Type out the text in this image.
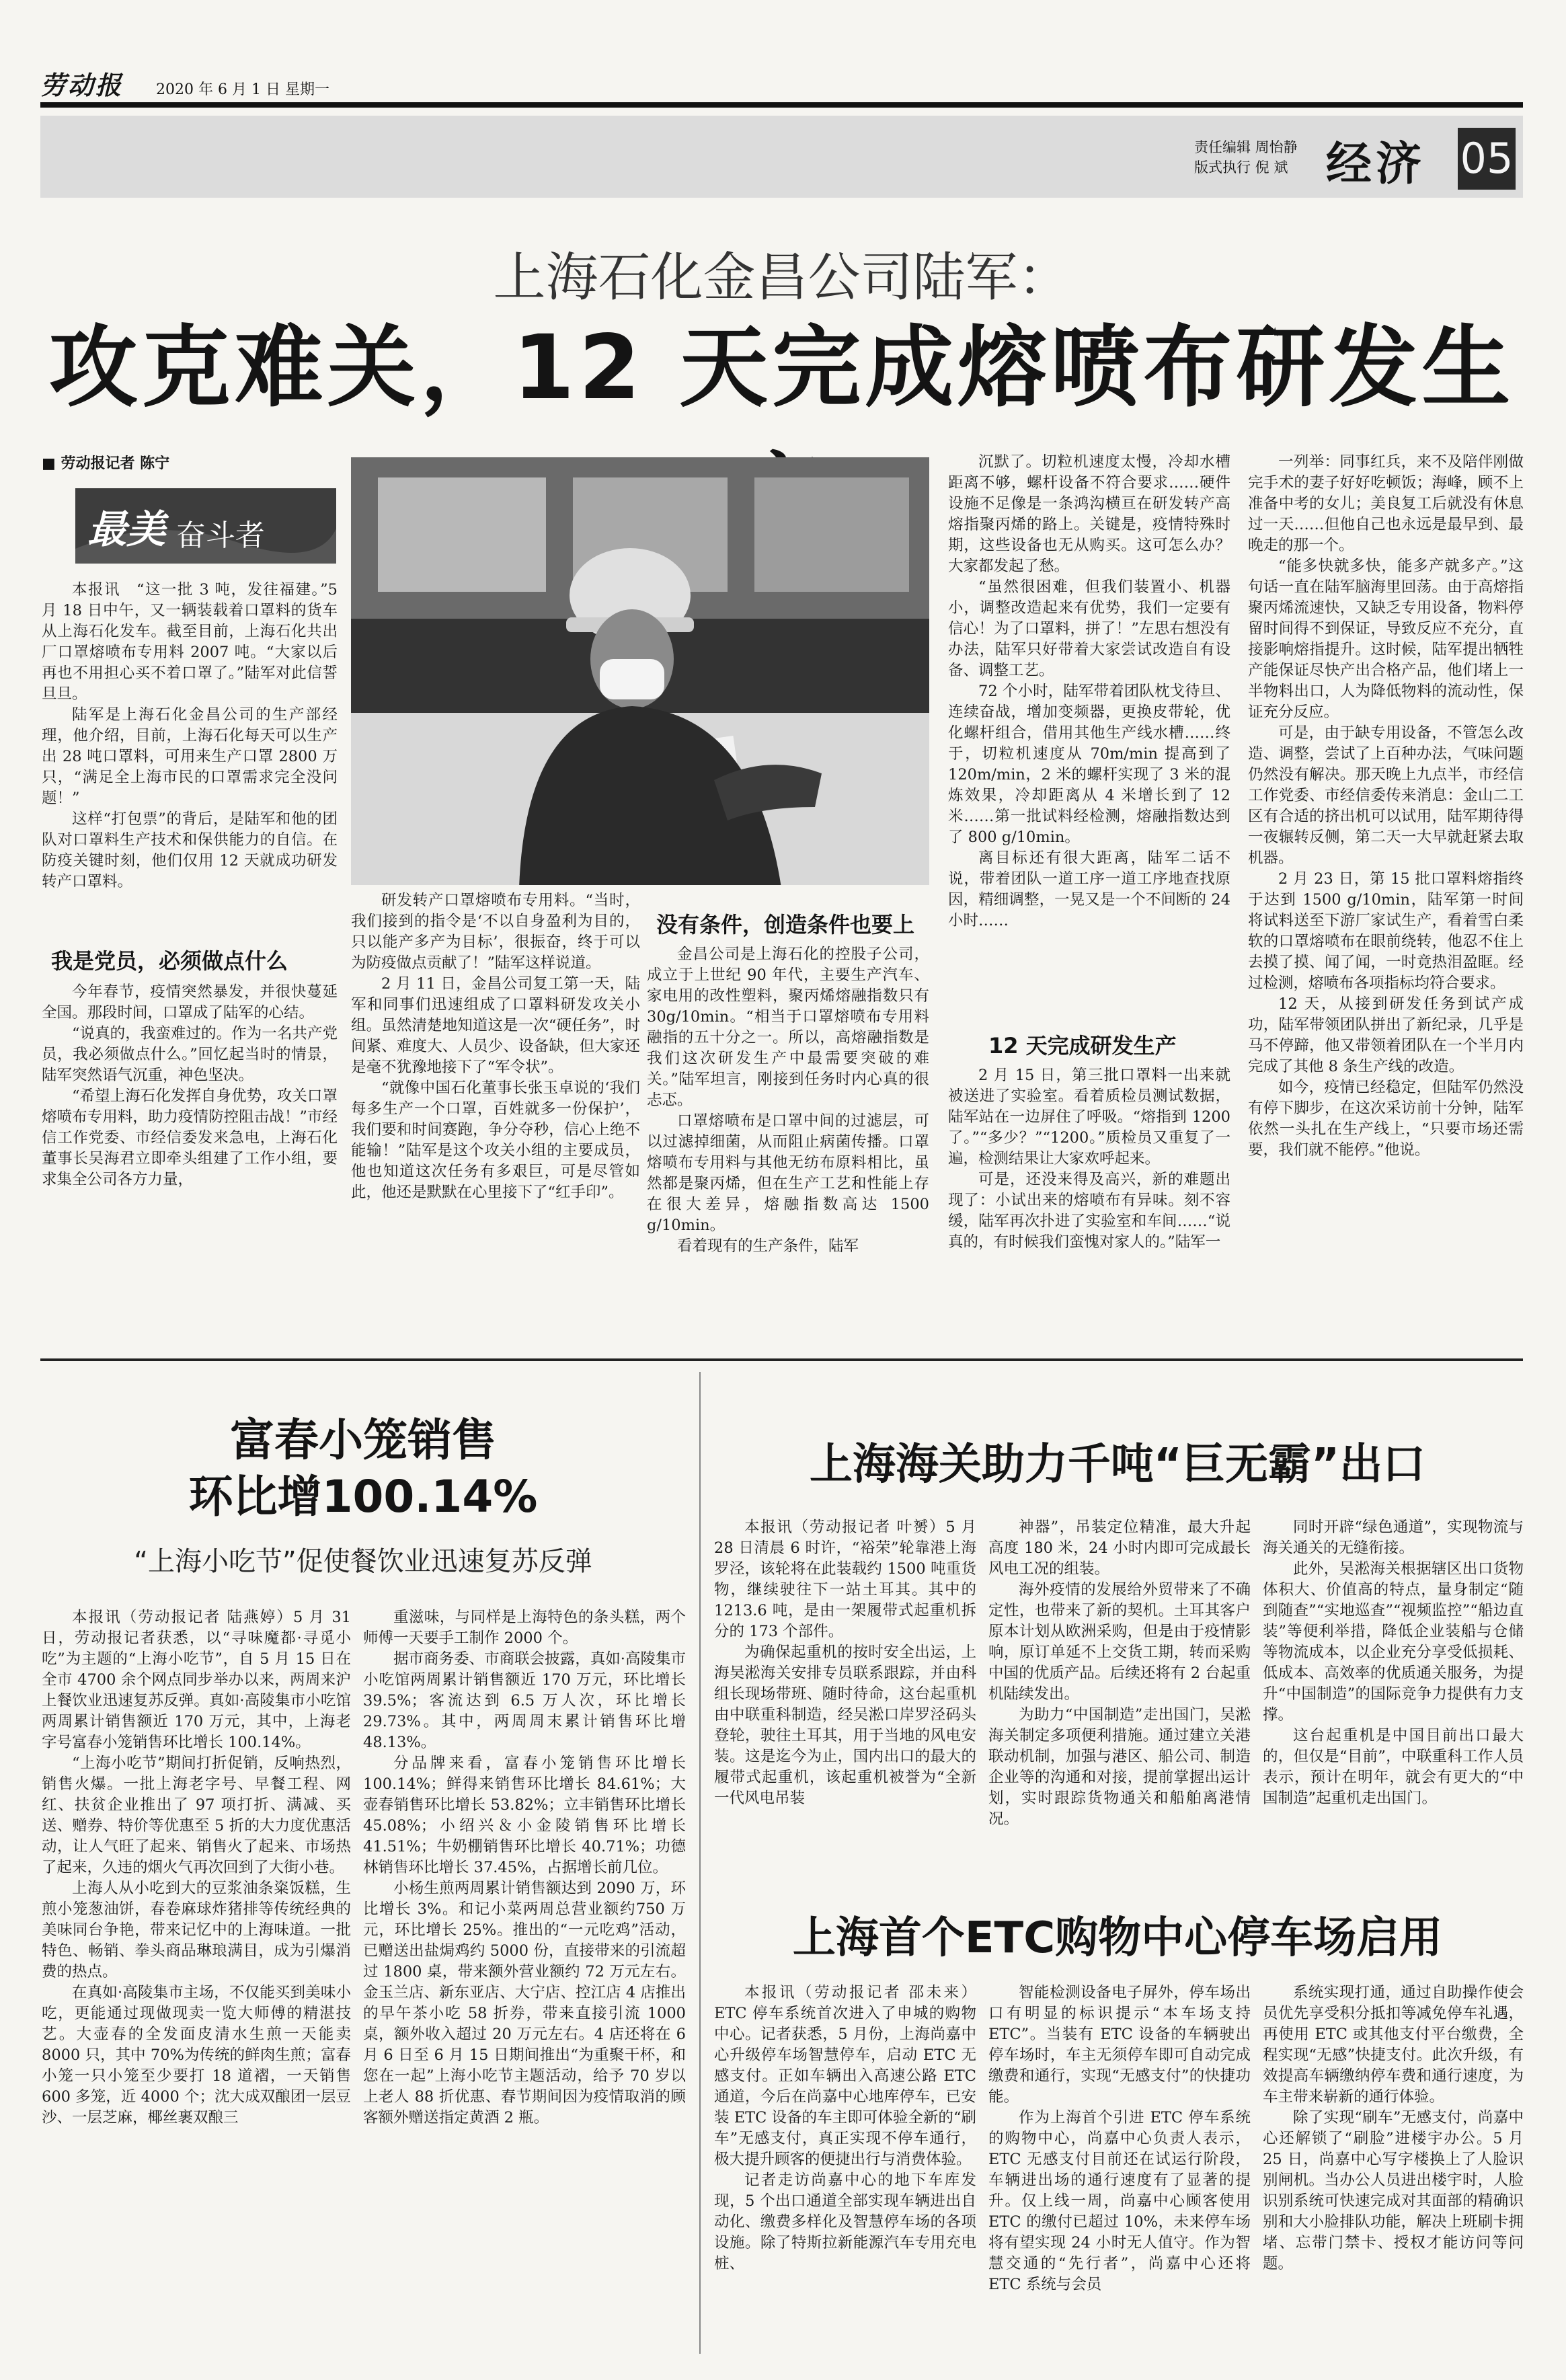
劳动报 2020 年 6 月 1 日 星期一
责任编辑 周怡静
版式执行 倪 斌 经济 05
上海石化金昌公司陆军：
攻克难关，12 天完成熔喷布研发生
■ 劳动报记者 陈宁
最美 奋斗者

本报讯　“这一批 3 吨，发往福建。”5 月 18 日中午，又一辆装载着口罩料的货车从上海石化发车。截至目前，上海石化共出厂口罩熔喷布专用料 2007 吨。“大家以后再也不用担心买不着口罩了。”陆军对此信誓旦旦。

陆军是上海石化金昌公司的生产部经理，他介绍，目前，上海石化每天可以生产出 28 吨口罩料，可用来生产口罩 2800 万只，“满足全上海市民的口罩需求完全没问题！”

这样“打包票”的背后，是陆军和他的团队对口罩料生产技术和保供能力的自信。在防疫关键时刻，他们仅用 12 天就成功研发转产口罩料。

我是党员，必须做点什么

今年春节，疫情突然暴发，并很快蔓延全国。那段时间，口罩成了陆军的心结。

“说真的，我蛮难过的。作为一名共产党员，我必须做点什么。”回忆起当时的情景，陆军突然语气沉重，神色坚决。

“希望上海石化发挥自身优势，攻关口罩熔喷布专用料，助力疫情防控阻击战！”市经信工作党委、市经信委发来急电，上海石化董事长吴海君立即牵头组建了工作小组，要求集全公司各方力量，

研发转产口罩熔喷布专用料。“当时，我们接到的指令是‘不以自身盈利为目的，只以能产多产为目标’，很振奋，终于可以为防疫做点贡献了！”陆军这样说道。

2 月 11 日，金昌公司复工第一天，陆军和同事们迅速组成了口罩料研发攻关小组。虽然清楚地知道这是一次“硬任务”，时间紧、难度大、人员少、设备缺，但大家还是毫不犹豫地接下了“军令状”。

“就像中国石化董事长张玉卓说的‘我们每多生产一个口罩，百姓就多一份保护’，我们要和时间赛跑，争分夺秒，信心上绝不能输！”陆军是这个攻关小组的主要成员，他也知道这次任务有多艰巨，可是尽管如此，他还是默默在心里接下了“红手印”。

没有条件，创造条件也要上

金昌公司是上海石化的控股子公司，成立于上世纪 90 年代，主要生产汽车、家电用的改性塑料，聚丙烯熔融指数只有 30g/10min。“相当于口罩熔喷布专用料融指的五十分之一。所以，高熔融指数是我们这次研发生产中最需要突破的难关。”陆军坦言，刚接到任务时内心真的很忐忑。

口罩熔喷布是口罩中间的过滤层，可以过滤掉细菌，从而阻止病菌传播。口罩熔喷布专用料与其他无纺布原料相比，虽然都是聚丙烯，但在生产工艺和性能上存在很大差异，熔融指数高达 1500 g/10min。

看着现有的生产条件，陆军

沉默了。切粒机速度太慢，冷却水槽距离不够，螺杆设备不符合要求……硬件设施不足像是一条鸿沟横亘在研发转产高熔指聚丙烯的路上。关键是，疫情特殊时期，这些设备也无从购买。这可怎么办？大家都发起了愁。

“虽然很困难，但我们装置小、机器小，调整改造起来有优势，我们一定要有信心！为了口罩料，拼了！”左思右想没有办法，陆军只好带着大家尝试改造自有设备、调整工艺。

72 个小时，陆军带着团队枕戈待旦、连续奋战，增加变频器，更换皮带轮，优化螺杆组合，借用其他生产线水槽……终于，切粒机速度从 70m/min 提高到了 120m/min，2 米的螺杆实现了 3 米的混炼效果，冷却距离从 4 米增长到了 12 米……第一批试料经检测，熔融指数达到了 800 g/10min。

离目标还有很大距离，陆军二话不说，带着团队一道工序一道工序地查找原因，精细调整，一晃又是一个不间断的 24 小时……

12 天完成研发生产

2 月 15 日，第三批口罩料一出来就被送进了实验室。看着质检员测试数据，陆军站在一边屏住了呼吸。“熔指到 1200 了。”“多少？”“1200。”质检员又重复了一遍，检测结果让大家欢呼起来。

可是，还没来得及高兴，新的难题出现了：小试出来的熔喷布有异味。刻不容缓，陆军再次扑进了实验室和车间……“说真的，有时候我们蛮愧对家人的。”陆军一

一列举：同事红兵，来不及陪伴刚做完手术的妻子好好吃顿饭；海峰，顾不上准备中考的女儿；美良复工后就没有休息过一天……但他自己也永远是最早到、最晚走的那一个。

“能多快就多快，能多产就多产。”这句话一直在陆军脑海里回荡。由于高熔指聚丙烯流速快，又缺乏专用设备，物料停留时间得不到保证，导致反应不充分，直接影响熔指提升。这时候，陆军提出牺牲产能保证尽快产出合格产品，他们堵上一半物料出口，人为降低物料的流动性，保证充分反应。

可是，由于缺专用设备，不管怎么改造、调整，尝试了上百种办法，气味问题仍然没有解决。那天晚上九点半，市经信工作党委、市经信委传来消息：金山二工区有合适的挤出机可以试用，陆军期待得一夜辗转反侧，第二天一大早就赶紧去取机器。

2 月 23 日，第 15 批口罩料熔指终于达到 1500 g/10min，陆军第一时间将试料送至下游厂家试生产，看着雪白柔软的口罩熔喷布在眼前绕转，他忍不住上去摸了摸、闻了闻，一时竟热泪盈眶。经过检测，熔喷布各项指标均符合要求。

12 天，从接到研发任务到试产成功，陆军带领团队拼出了新纪录，几乎是马不停蹄，他又带领着团队在一个半月内完成了其他 8 条生产线的改造。

如今，疫情已经稳定，但陆军仍然没有停下脚步，在这次采访前十分钟，陆军依然一头扎在生产线上，“只要市场还需要，我们就不能停。”他说。

富春小笼销售
环比增100.14%
“上海小吃节”促使餐饮业迅速复苏反弹

本报讯（劳动报记者 陆燕婷）5 月 31 日，劳动报记者获悉，以“寻味魔都·寻觅小吃”为主题的“上海小吃节”，自 5 月 15 日在全市 4700 余个网点同步举办以来，两周来沪上餐饮业迅速复苏反弹。真如·高陵集市小吃馆两周累计销售额近 170 万元，其中，上海老字号富春小笼销售环比增长 100.14%。

“上海小吃节”期间打折促销，反响热烈，销售火爆。一批上海老字号、早餐工程、网红、扶贫企业推出了 97 项打折、满减、买送、赠券、特价等优惠至 5 折的大力度优惠活动，让人气旺了起来、销售火了起来、市场热了起来，久违的烟火气再次回到了大街小巷。

上海人从小吃到大的豆浆油条粢饭糕，生煎小笼葱油饼，春卷麻球炸猪排等传统经典的美味同台争艳，带来记忆中的上海味道。一批特色、畅销、拳头商品琳琅满目，成为引爆消费的热点。

在真如·高陵集市主场，不仅能买到美味小吃，更能通过现做现卖一览大师傅的精湛技艺。大壶春的全发面皮清水生煎一天能卖 8000 只，其中 70%为传统的鲜肉生煎；富春小笼一只小笼至少要打 18 道褶，一天销售 600 多笼，近 4000 个；沈大成双酿团一层豆沙、一层芝麻，椰丝裹双酿三

重滋味，与同样是上海特色的条头糕，两个师傅一天要手工制作 2000 个。

据市商务委、市商联会披露，真如·高陵集市小吃馆两周累计销售额近 170 万元，环比增长 39.5%；客流达到 6.5 万人次，环比增长 29.73%。其中，两周周末累计销售环比增 48.13%。

分品牌来看，富春小笼销售环比增长 100.14%；鲜得来销售环比增长 84.61%；大壶春销售环比增长 53.82%；立丰销售环比增长 45.08%；小绍兴＆小金陵销售环比增长 41.51%；牛奶棚销售环比增长 40.71%；功德林销售环比增长 37.45%，占据增长前几位。

小杨生煎两周累计销售额达到 2090 万，环比增长 3%。和记小菜两周总营业额约750 万元，环比增长 25%。推出的“一元吃鸡”活动，已赠送出盐焗鸡约 5000 份，直接带来的引流超过 1800 桌，带来额外营业额约 72 万元左右。金玉兰店、新东亚店、大宁店、控江店 4 店推出的早午茶小吃 58 折券，带来直接引流 1000桌，额外收入超过 20 万元左右。4 店还将在 6 月 6 日至 6 月 15 日期间推出“为重聚干杯，和您在一起”上海小吃节主题活动，给予 70 岁以上老人 88 折优惠、春节期间因为疫情取消的顾客额外赠送指定黄酒 2 瓶。

上海海关助力千吨“巨无霸”出口

本报讯（劳动报记者 叶赟）5 月 28 日清晨 6 时许，“裕荣”轮靠港上海罗泾，该轮将在此装载约 1500 吨重货物，继续驶往下一站土耳其。其中的 1213.6 吨，是由一架履带式起重机拆分的 173 个部件。

为确保起重机的按时安全出运，上海吴淞海关安排专员联系跟踪，并由科组长现场带班、随时待命，这台起重机由中联重科制造，经吴淞口岸罗泾码头登轮，驶往土耳其，用于当地的风电安装。这是迄今为止，国内出口的最大的履带式起重机，该起重机被誉为“全新一代风电吊装

神器”，吊装定位精准，最大升起高度 180 米，24 小时内即可完成最长风电工况的组装。

海外疫情的发展给外贸带来了不确定性，也带来了新的契机。土耳其客户原本计划从欧洲采购，但是由于疫情影响，原订单延不上交货工期，转而采购中国的优质产品。后续还将有 2 台起重机陆续发出。

为助力“中国制造”走出国门，吴淞海关制定多项便利措施。通过建立关港联动机制，加强与港区、船公司、制造企业等的沟通和对接，提前掌握出运计划，实时跟踪货物通关和船舶离港情况。

同时开辟“绿色通道”，实现物流与海关通关的无缝衔接。

此外，吴淞海关根据辖区出口货物体积大、价值高的特点，量身制定“随到随查”“实地巡查”“视频监控”“船边直装”等便利举措，降低企业装船与仓储等物流成本，以企业充分享受低损耗、低成本、高效率的优质通关服务，为提升“中国制造”的国际竞争力提供有力支撑。

这台起重机是中国目前出口最大的，但仅是“目前”，中联重科工作人员表示，预计在明年，就会有更大的“中国制造”起重机走出国门。

上海首个ETC购物中心停车场启用

本报讯（劳动报记者 邵未来）ETC 停车系统首次进入了申城的购物中心。记者获悉，5 月份，上海尚嘉中心升级停车场智慧停车，启动 ETC 无感支付。正如车辆出入高速公路 ETC 通道，今后在尚嘉中心地库停车，已安装 ETC 设备的车主即可体验全新的“刷车”无感支付，真正实现不停车通行，极大提升顾客的便捷出行与消费体验。

记者走访尚嘉中心的地下车库发现，5 个出口通道全部实现车辆进出自动化、缴费多样化及智慧停车场的各项设施。除了特斯拉新能源汽车专用充电桩、

智能检测设备电子屏外，停车场出口有明显的标识提示“本车场支持 ETC”。当装有 ETC 设备的车辆驶出停车场时，车主无须停车即可自动完成缴费和通行，实现“无感支付”的快捷功能。

作为上海首个引进 ETC 停车系统的购物中心，尚嘉中心负责人表示，ETC 无感支付目前还在试运行阶段，车辆进出场的通行速度有了显著的提升。仅上线一周，尚嘉中心顾客使用 ETC 的缴付已超过 10%，未来停车场将有望实现 24 小时无人值守。作为智慧交通的“先行者”，尚嘉中心还将 ETC 系统与会员

系统实现打通，通过自助操作使会员优先享受积分抵扣等减免停车礼遇，再使用 ETC 或其他支付平台缴费，全程实现“无感”快捷支付。此次升级，有效提高车辆缴纳停车费和通行速度，为车主带来崭新的通行体验。

除了实现“刷车”无感支付，尚嘉中心还解锁了“刷脸”进楼宇办公。5 月 25 日，尚嘉中心写字楼换上了人脸识别闸机。当办公人员进出楼宇时，人脸识别系统可快速完成对其面部的精确识别和大小脸排队功能，解决上班刷卡拥堵、忘带门禁卡、授权才能访问等问题。
